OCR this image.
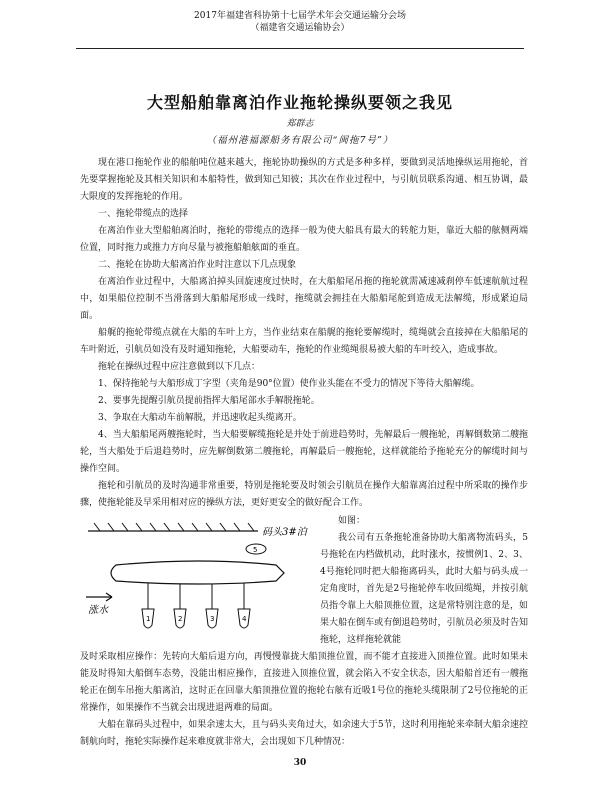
2017年福建省科协第十七届学术年会交通运输分会场
（福建省交通运输协会）
大型船舶靠离泊作业拖轮操纵要领之我见
郑群志
（福州港福源船务有限公司“闽拖7号”）

现在港口拖轮作业的船舶吨位越来越大，拖轮协助操纵的方式是多种多样，要做到灵活地操纵运用拖轮，首先要掌握拖轮及其相关知识和本船特性，做到知己知彼；其次在作业过程中，与引航员联系沟通、相互协调，最大限度的发挥拖轮的作用。

一、拖轮带缆点的选择

在离泊作业大型船舶离泊时，拖轮的带缆点的选择一般为使大船具有最大的转舵力矩，靠近大船的舷侧两端位置，同时拖力或推力方向尽量与被拖船舶舷面的垂直。

二、拖轮在协助大船离泊作业时注意以下几点现象

在离泊作业过程中，大船离泊掉头回旋速度过快时，在大船船尾吊拖的拖轮就需减速减刹停车低速航航过程中，如果船位控制不当滑落到大船船尾形成一线时，拖缆就会拥挂在大船船尾舵到造成无法解缆，形成紧迫局面。

船艉的拖轮带缆点就在大船的车叶上方，当作业结束在船艉的拖轮要解缆时，缆绳就会直接掉在大船船尾的车叶附近，引航员如没有及时通知拖轮，大船要动车，拖轮的作业缆绳很易被大船的车叶绞入，造成事故。

拖轮在操纵过程中应注意做到以下几点：

1、保持拖轮与大船形成丁字型（夹角是90°位置）使作业头能在不受力的情况下等待大船解缆。

2、要事先提醒引航员提前指挥大船尾部水手解脱拖轮。

3、争取在大船动车前解脱，并迅速收起头缆离开。

4、当大船船尾两艘拖轮时，当大船要解缆拖轮是并处于前进趋势时，先解最后一艘拖轮，再解倒数第二艘拖轮，当大船处于后退趋势时，应先解倒数第二艘拖轮，再解最后一艘拖轮，这样就能给予拖轮充分的解缆时间与操作空间。

拖轮和引航员的及时沟通非常重要，特别是拖轮要及时领会引航员在操作大船靠离泊过程中所采取的操作步骤，使拖轮能及早采用相对应的操纵方法，更好更安全的做好配合工作。

码头3#泊
5
1	2	3	4
涨水

如图：

我公司有五条拖轮准备协助大船离物流码头，5号拖轮在内档做机动，此时涨水，按惯例1、2、3、4号拖轮同时把大船拖离码头，此时大船与码头成一定角度时，首先是2号拖轮停车收回缆绳，并按引航员指令靠上大船顶推位置，这是常特别注意的是，如果大船在倒车或有倒退趋势时，引航员必须及时告知拖轮，这样拖轮就能

及时采取相应操作：先转向大船后退方向，再慢慢靠拢大船顶推位置，而不能才直接进入顶推位置。此时如果未能及时得知大船倒车态势，没能出相应操作，直接进入顶推位置，就会陷入不安全状态，因大船船首还有一艘拖轮正在倒车吊拖大船离泊，这时正在回靠大船顶推位置的拖轮右舷有近吸1号位的拖轮头缆限制了2号位拖轮的正常操作，如果操作不当就会出现进退两难的局面。

大船在靠码头过程中，如果余速太大，且与码头夹角过大，如余速大于5节，这时利用拖轮来牵制大船余速控制航向时，拖轮实际操作起来难度就非常大，会出现如下几种情况：

30
